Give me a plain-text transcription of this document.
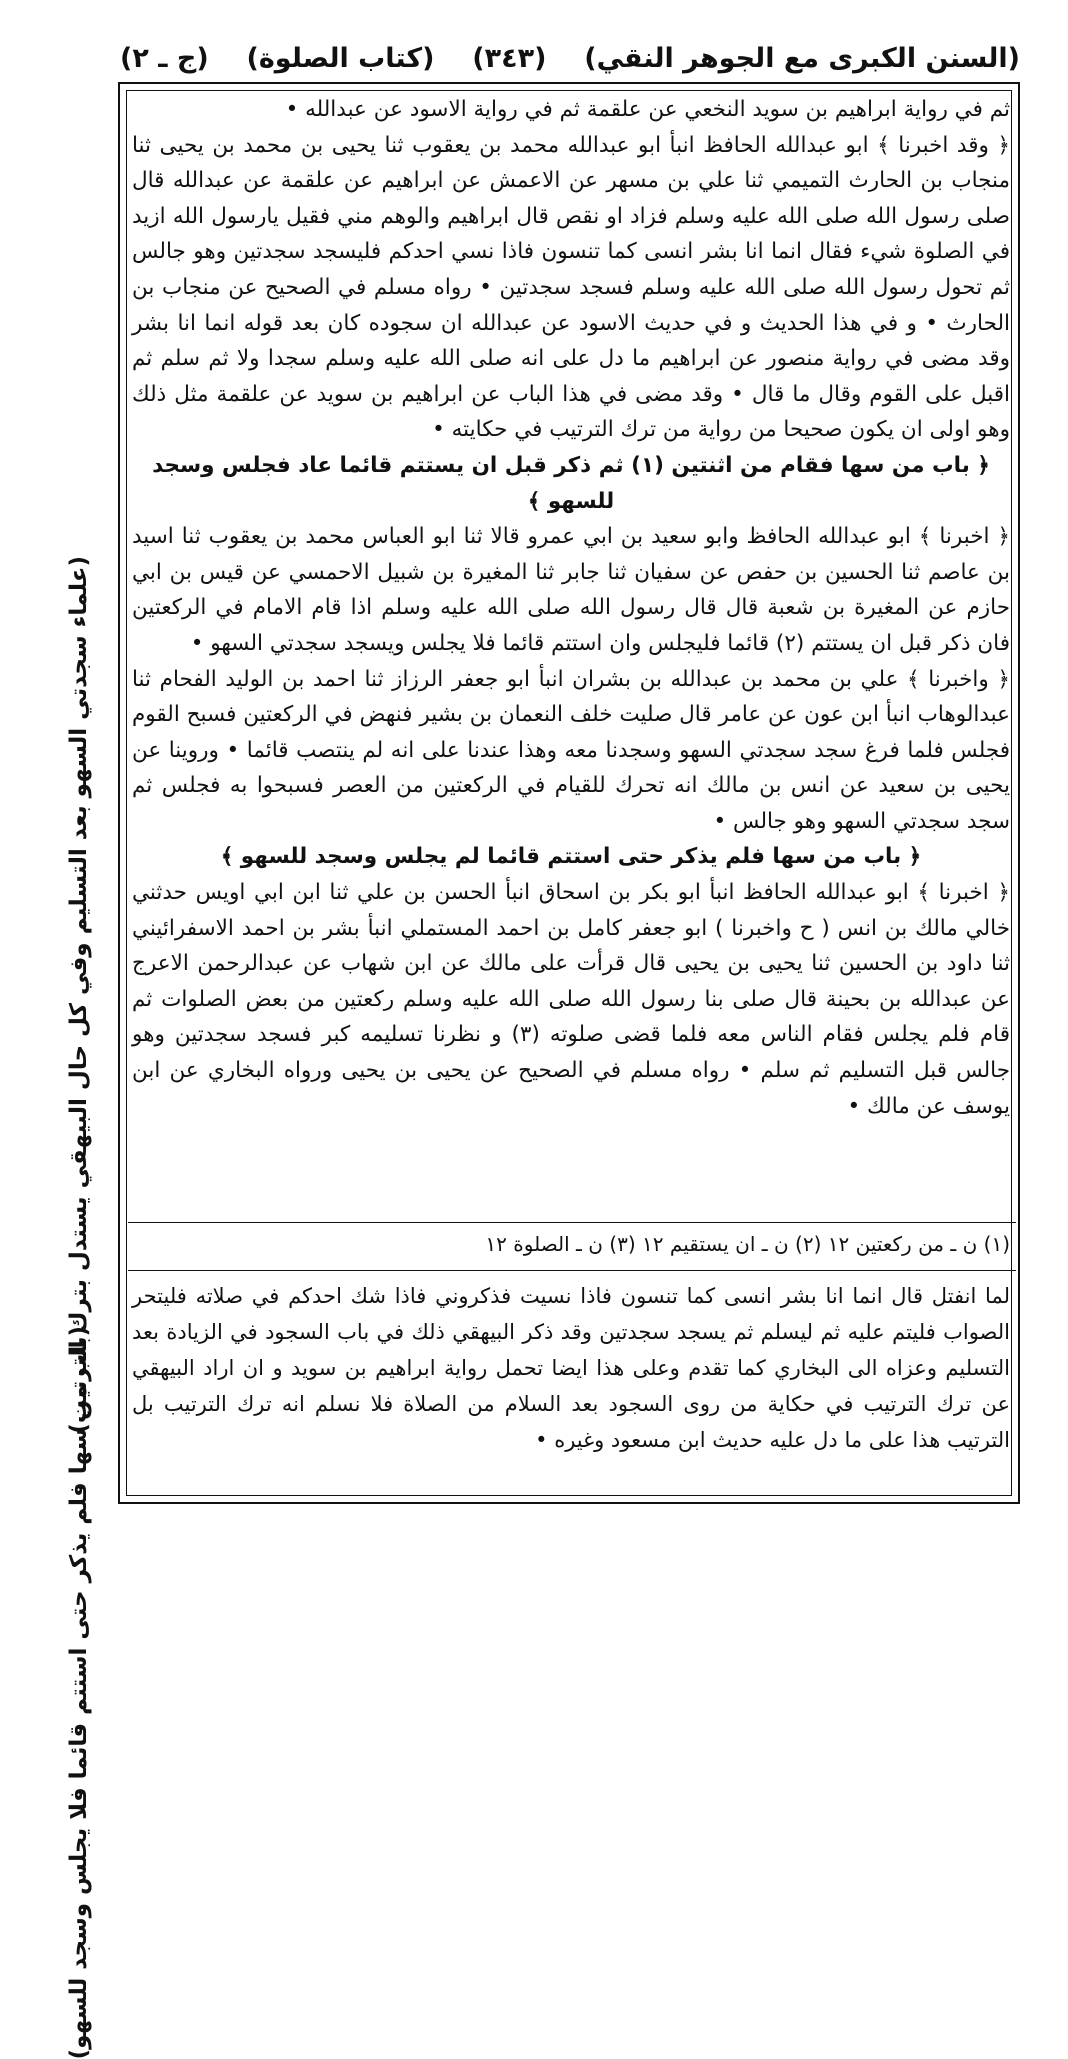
(السنن الكبرى مع الجوهر النقي)
(٣٤٣)
(كتاب الصلوة)
(ج ـ ٢)
(علماء سجدتي السهو بعد التسليم وفي كل حال البيهقي يستدل بترك الترتيب)
(باب من سها فلم يذكر حتى استتم قائما فلا يجلس وسجد للسهو)

ثم في رواية ابراهيم بن سويد النخعي عن علقمة ثم في رواية الاسود عن عبدالله •

﴿ وقد اخبرنا ﴾ ابو عبدالله الحافظ انبأ ابو عبدالله محمد بن يعقوب ثنا يحيى بن محمد بن يحيى ثنا منجاب بن الحارث التميمي ثنا علي بن مسهر عن الاعمش عن ابراهيم عن علقمة عن عبدالله قال صلى رسول الله صلى الله عليه وسلم فزاد او نقص قال ابراهيم والوهم مني فقيل يارسول الله ازيد في الصلوة شيء فقال انما انا بشر انسى كما تنسون فاذا نسي احدكم فليسجد سجدتين وهو جالس ثم تحول رسول الله صلى الله عليه وسلم فسجد سجدتين • رواه مسلم في الصحيح عن منجاب بن الحارث • و في هذا الحديث و في حديث الاسود عن عبدالله ان سجوده كان بعد قوله انما انا بشر وقد مضى في رواية منصور عن ابراهيم ما دل على انه صلى الله عليه وسلم سجدا ولا ثم سلم ثم اقبل على القوم وقال ما قال • وقد مضى في هذا الباب عن ابراهيم بن سويد عن علقمة مثل ذلك وهو اولى ان يكون صحيحا من رواية من ترك الترتيب في حكايته •

﴿ باب من سها فقام من اثنتين (١) ثم ذكر قبل ان يستتم قائما عاد فجلس وسجد للسهو ﴾

﴿ اخبرنا ﴾ ابو عبدالله الحافظ وابو سعيد بن ابي عمرو قالا ثنا ابو العباس محمد بن يعقوب ثنا اسيد بن عاصم ثنا الحسين بن حفص عن سفيان ثنا جابر ثنا المغيرة بن شبيل الاحمسي عن قيس بن ابي حازم عن المغيرة بن شعبة قال قال رسول الله صلى الله عليه وسلم اذا قام الامام في الركعتين فان ذكر قبل ان يستتم (٢) قائما فليجلس وان استتم قائما فلا يجلس ويسجد سجدتي السهو •

﴿ واخبرنا ﴾ علي بن محمد بن عبدالله بن بشران انبأ ابو جعفر الرزاز ثنا احمد بن الوليد الفحام ثنا عبدالوهاب انبأ ابن عون عن عامر قال صليت خلف النعمان بن بشير فنهض في الركعتين فسبح القوم فجلس فلما فرغ سجد سجدتي السهو وسجدنا معه وهذا عندنا على انه لم ينتصب قائما • وروينا عن يحيى بن سعيد عن انس بن مالك انه تحرك للقيام في الركعتين من العصر فسبحوا به فجلس ثم سجد سجدتي السهو وهو جالس •

﴿ باب من سها فلم يذكر حتى استتم قائما لم يجلس وسجد للسهو ﴾

﴿ اخبرنا ﴾ ابو عبدالله الحافظ انبأ ابو بكر بن اسحاق انبأ الحسن بن علي ثنا ابن ابي اويس حدثني خالي مالك بن انس ( ح واخبرنا ) ابو جعفر كامل بن احمد المستملي انبأ بشر بن احمد الاسفرائيني ثنا داود بن الحسين ثنا يحيى بن يحيى قال قرأت على مالك عن ابن شهاب عن عبدالرحمن الاعرج عن عبدالله بن بحينة قال صلى بنا رسول الله صلى الله عليه وسلم ركعتين من بعض الصلوات ثم قام فلم يجلس فقام الناس معه فلما قضى صلوته (٣) و نظرنا تسليمه كبر فسجد سجدتين وهو جالس قبل التسليم ثم سلم • رواه مسلم في الصحيح عن يحيى بن يحيى ورواه البخاري عن ابن يوسف عن مالك •

(١) ن ـ من ركعتين ١٢ (٢) ن ـ ان يستقيم ١٢ (٣) ن ـ الصلوة ١٢

لما انفتل قال انما انا بشر انسى كما تنسون فاذا نسيت فذكروني فاذا شك احدكم في صلاته فليتحر الصواب فليتم عليه ثم ليسلم ثم يسجد سجدتين وقد ذكر البيهقي ذلك في باب السجود في الزيادة بعد التسليم وعزاه الى البخاري كما تقدم وعلى هذا ايضا تحمل رواية ابراهيم بن سويد و ان اراد البيهقي عن ترك الترتيب في حكاية من روى السجود بعد السلام من الصلاة فلا نسلم انه ترك الترتيب بل الترتيب هذا على ما دل عليه حديث ابن مسعود وغيره •
